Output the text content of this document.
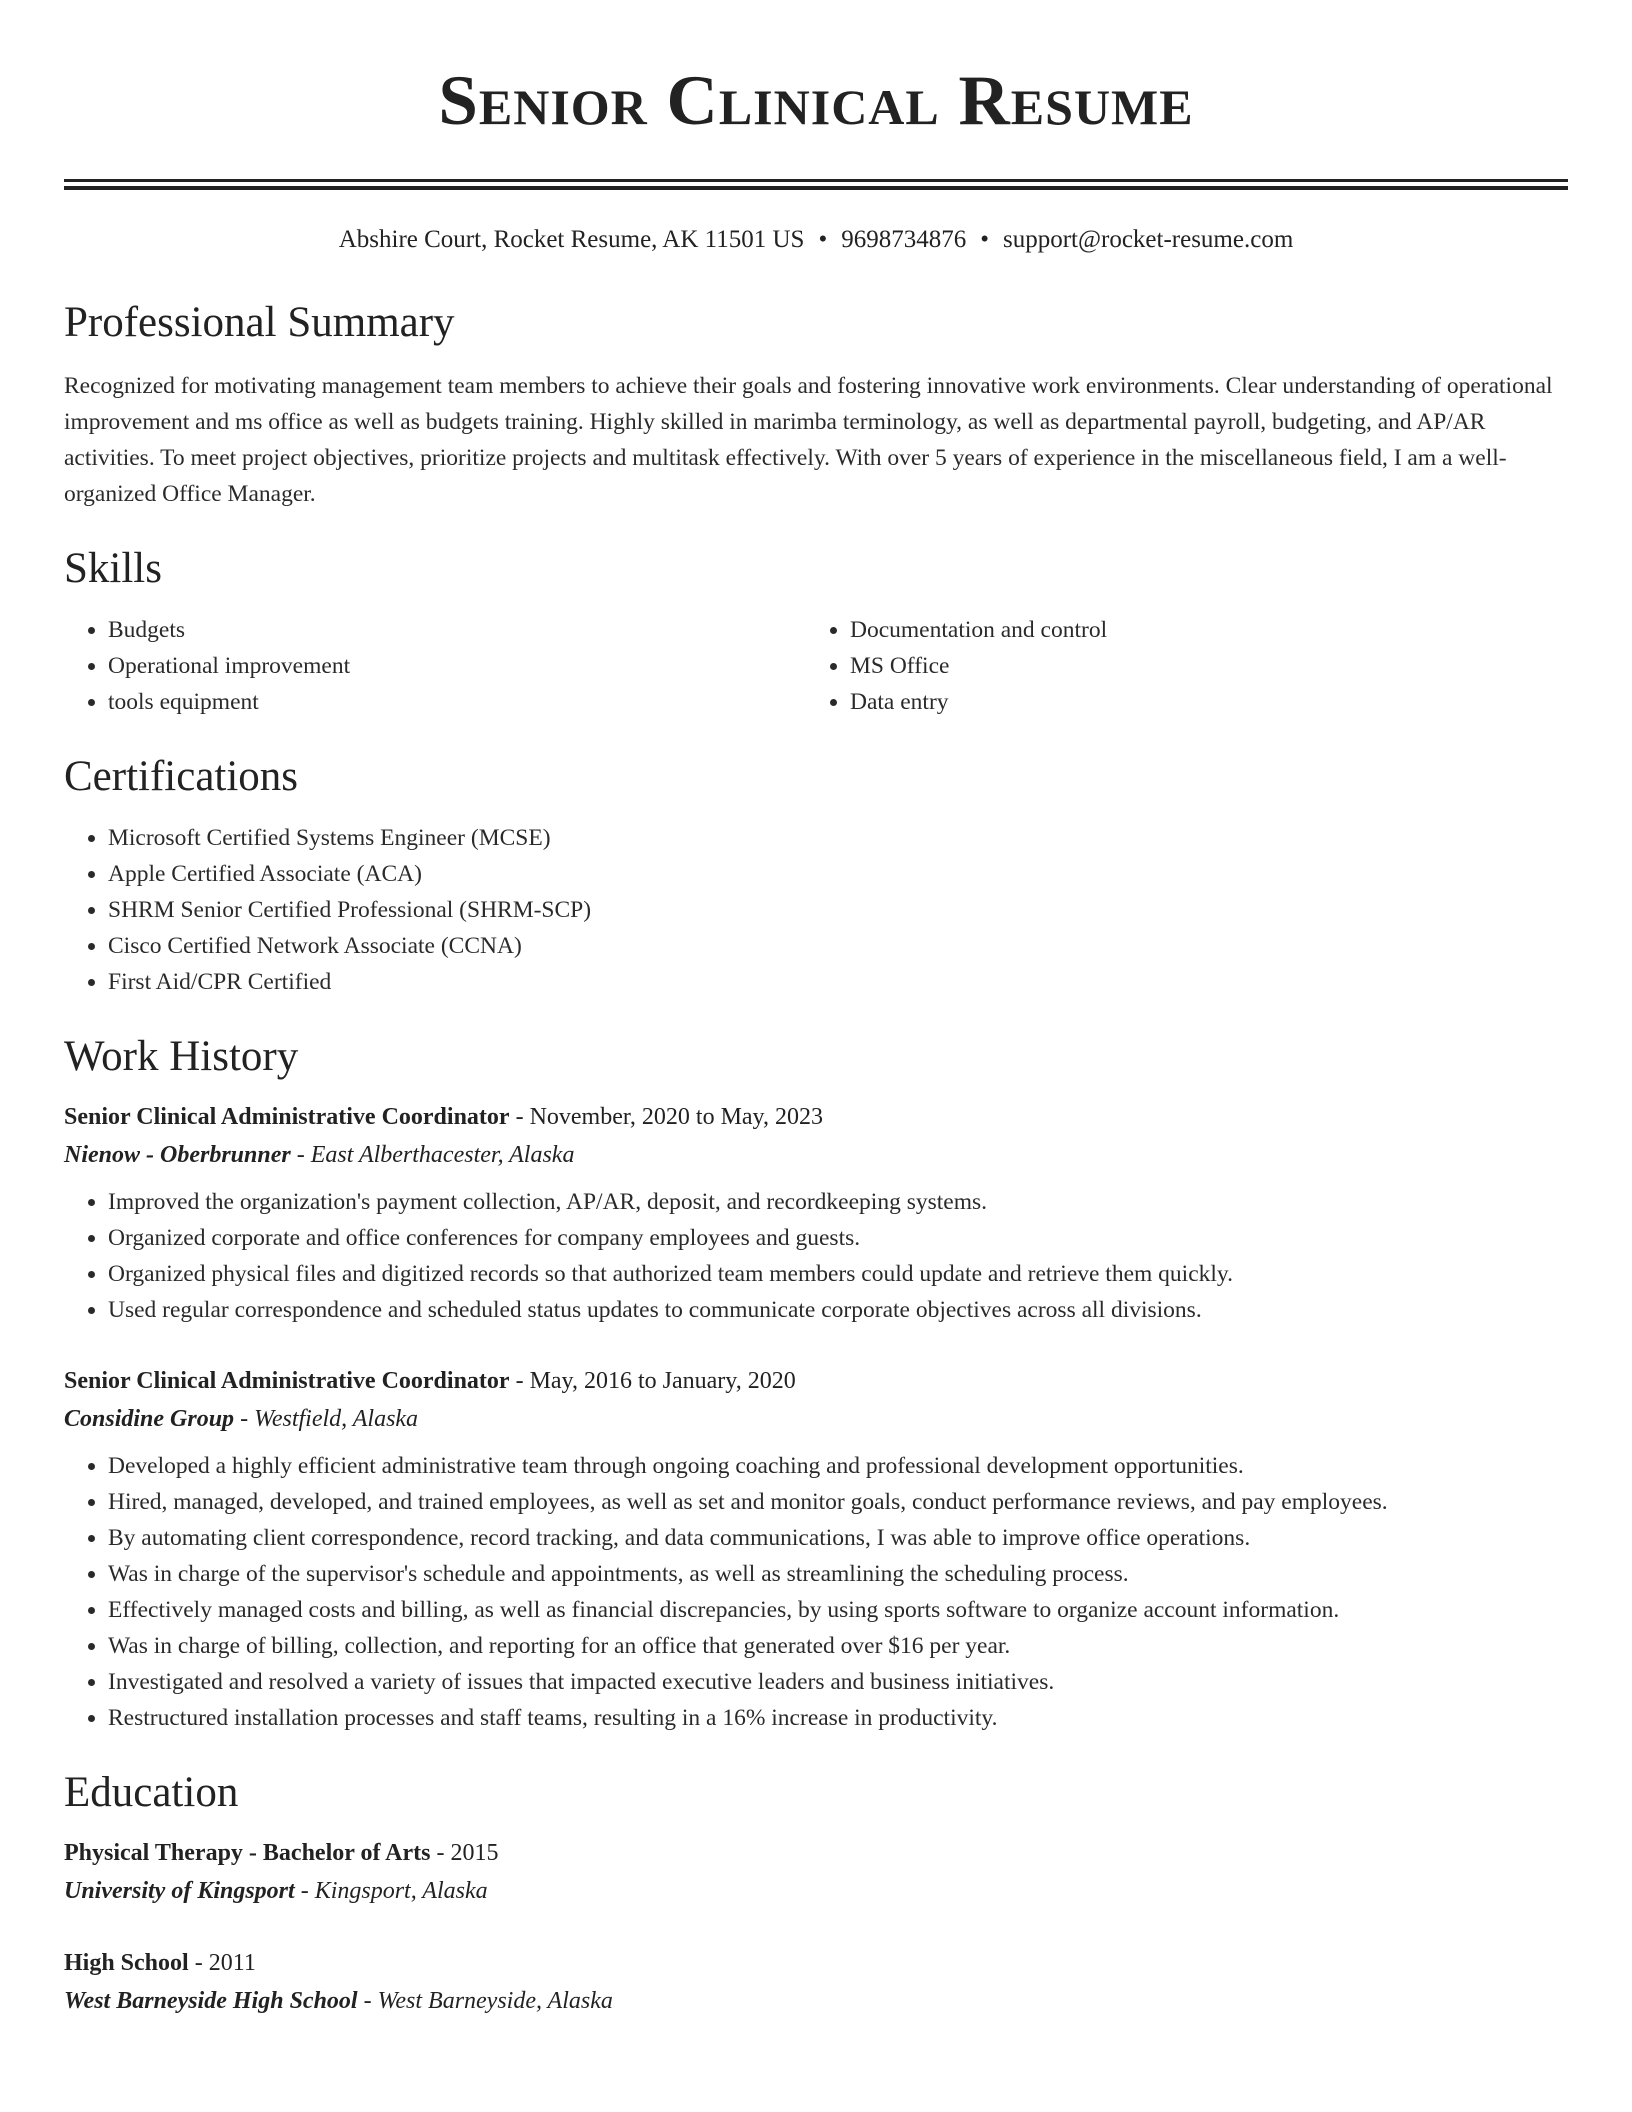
Senior Clinical Resume
Abshire Court, Rocket Resume, AK 11501 US • 9698734876 • support@rocket-resume.com
Professional Summary

Recognized for motivating management team members to achieve their goals and fostering innovative work environments. Clear understanding of operational improvement and ms office as well as budgets training. Highly skilled in marimba terminology, as well as departmental payroll, budgeting, and AP/AR activities. To meet project objectives, prioritize projects and multitask effectively. With over 5 years of experience in the miscellaneous field, I am a well-organized Office Manager.

Skills
• Budgets
• Operational improvement
• tools equipment
• Documentation and control
• MS Office
• Data entry
Certifications
• Microsoft Certified Systems Engineer (MCSE)
• Apple Certified Associate (ACA)
• SHRM Senior Certified Professional (SHRM-SCP)
• Cisco Certified Network Associate (CCNA)
• First Aid/CPR Certified
Work History
Senior Clinical Administrative Coordinator - November, 2020 to May, 2023
Nienow - Oberbrunner - East Alberthacester, Alaska
• Improved the organization's payment collection, AP/AR, deposit, and recordkeeping systems.
• Organized corporate and office conferences for company employees and guests.
• Organized physical files and digitized records so that authorized team members could update and retrieve them quickly.
• Used regular correspondence and scheduled status updates to communicate corporate objectives across all divisions.
Senior Clinical Administrative Coordinator - May, 2016 to January, 2020
Considine Group - Westfield, Alaska
• Developed a highly efficient administrative team through ongoing coaching and professional development opportunities.
• Hired, managed, developed, and trained employees, as well as set and monitor goals, conduct performance reviews, and pay employees.
• By automating client correspondence, record tracking, and data communications, I was able to improve office operations.
• Was in charge of the supervisor's schedule and appointments, as well as streamlining the scheduling process.
• Effectively managed costs and billing, as well as financial discrepancies, by using sports software to organize account information.
• Was in charge of billing, collection, and reporting for an office that generated over $16 per year.
• Investigated and resolved a variety of issues that impacted executive leaders and business initiatives.
• Restructured installation processes and staff teams, resulting in a 16% increase in productivity.
Education
Physical Therapy - Bachelor of Arts - 2015
University of Kingsport - Kingsport, Alaska
High School - 2011
West Barneyside High School - West Barneyside, Alaska
